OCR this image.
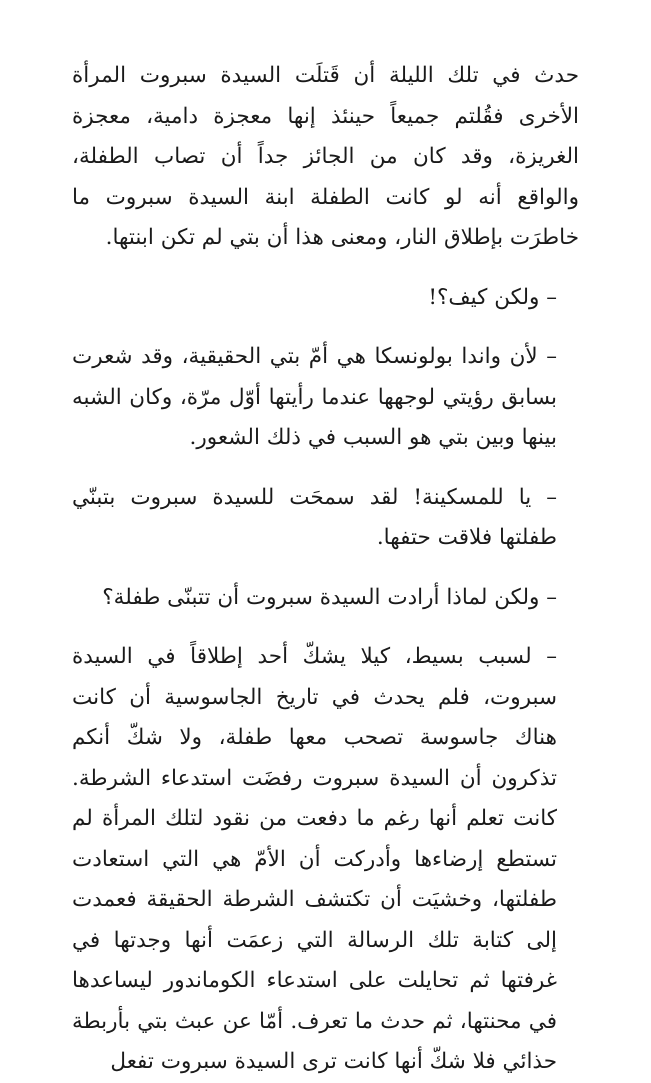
حدث في تلك الليلة أن قَتلَت السيدة سبروت المرأة الأخرى فقُلتم جميعاً حينئذ إنها معجزة دامية، معجزة الغريزة، وقد كان من الجائز جداً أن تصاب الطفلة، والواقع أنه لو كانت الطفلة ابنة السيدة سبروت ما خاطرَت بإطلاق النار، ومعنى هذا أن بتي لم تكن ابنتها.

– ولكن كيف؟!

– لأن واندا بولونسكا هي أمّ بتي الحقيقية، وقد شعرت بسابق رؤيتي لوجهها عندما رأيتها أوّل مرّة، وكان الشبه بينها وبين بتي هو السبب في ذلك الشعور.

– يا للمسكينة! لقد سمحَت للسيدة سبروت بتبنّي طفلتها فلاقت حتفها.

– ولكن لماذا أرادت السيدة سبروت أن تتبنّى طفلة؟

– لسبب بسيط، كيلا يشكّ أحد إطلاقاً في السيدة سبروت، فلم يحدث في تاريخ الجاسوسية أن كانت هناك جاسوسة تصحب معها طفلة، ولا شكّ أنكم تذكرون أن السيدة سبروت رفضَت استدعاء الشرطة. كانت تعلم أنها رغم ما دفعت من نقود لتلك المرأة لم تستطع إرضاءها وأدركت أن الأمّ هي التي استعادت طفلتها، وخشيَت أن تكتشف الشرطة الحقيقة فعمدت إلى كتابة تلك الرسالة التي زعمَت أنها وجدتها في غرفتها ثم تحايلت على استدعاء الكوماندور ليساعدها في محنتها، ثم حدث ما تعرف. أمّا عن عبث بتي بأربطة حذائي فلا شكّ أنها كانت ترى السيدة سبروت تفعل
